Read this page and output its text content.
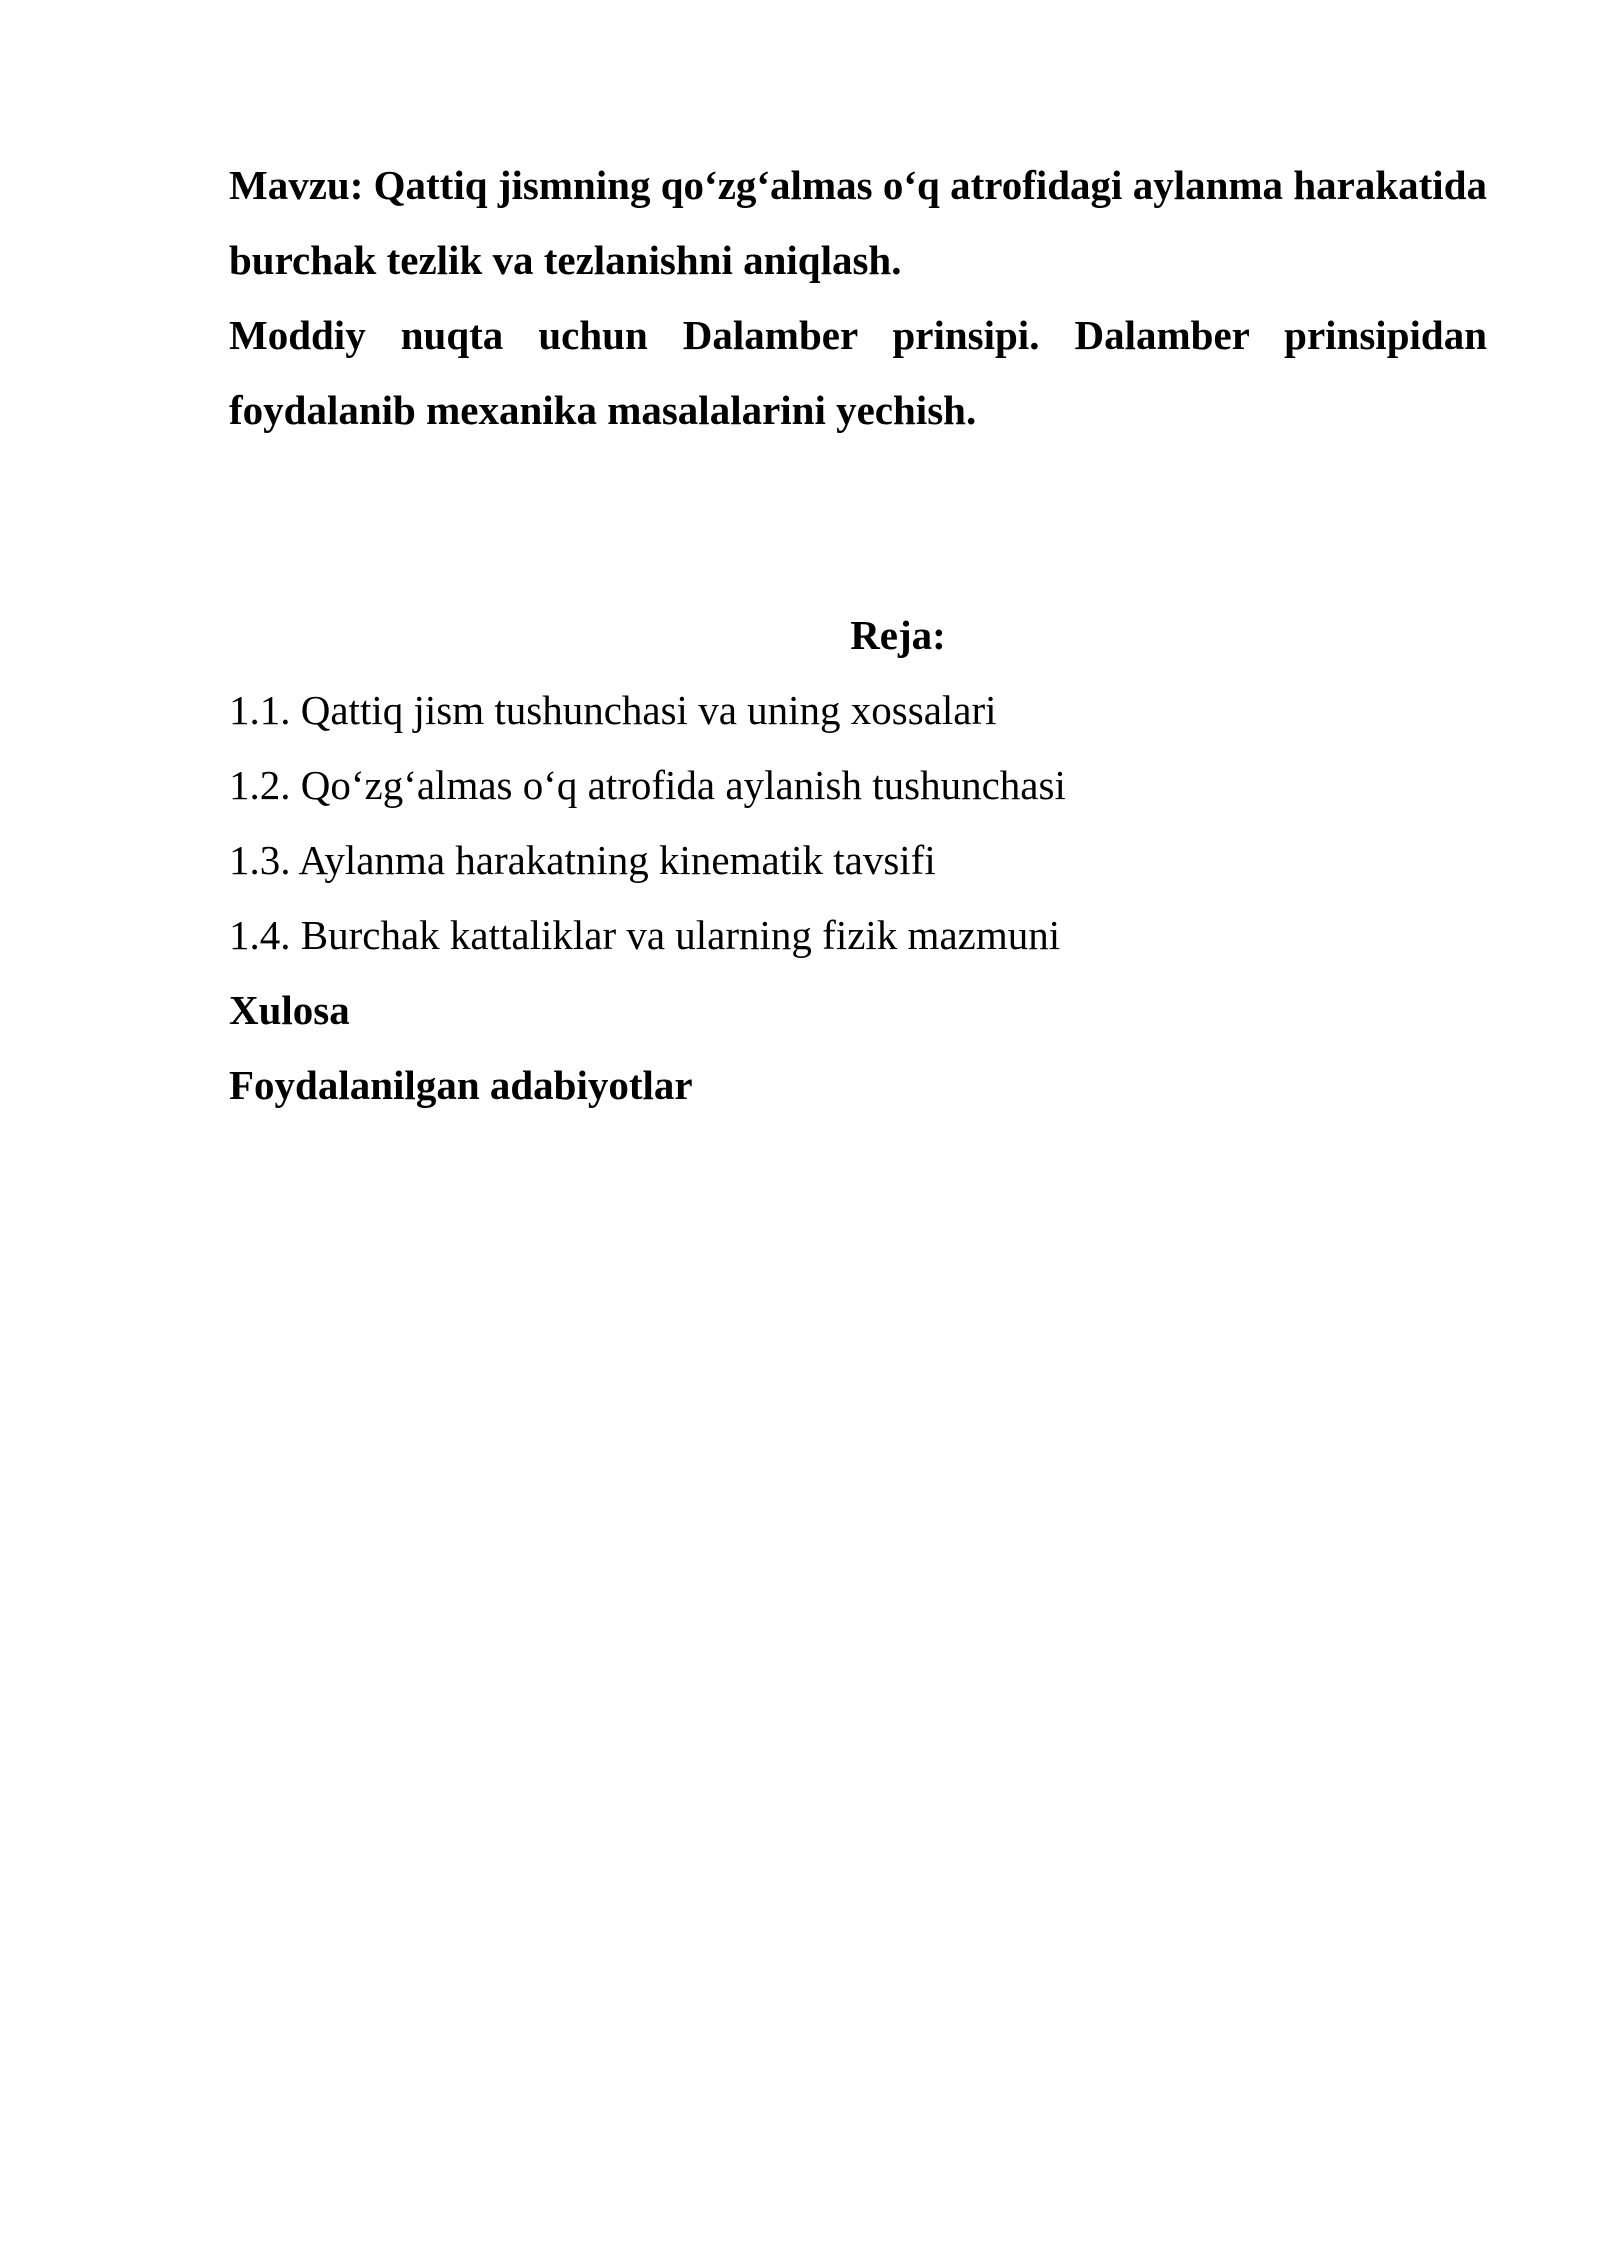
Mavzu: Qattiq jismning qo‘zg‘almas o‘q atrofidagi aylanma harakatida burchak tezlik va tezlanishni aniqlash.

Moddiy nuqta uchun Dalamber prinsipi. Dalamber prinsipidan foydalanib mexanika masalalarini yechish.

Reja:

1.1. Qattiq jism tushunchasi va uning xossalari

1.2. Qo‘zg‘almas o‘q atrofida aylanish tushunchasi

1.3. Aylanma harakatning kinematik tavsifi

1.4. Burchak kattaliklar va ularning fizik mazmuni

Xulosa

Foydalanilgan adabiyotlar
